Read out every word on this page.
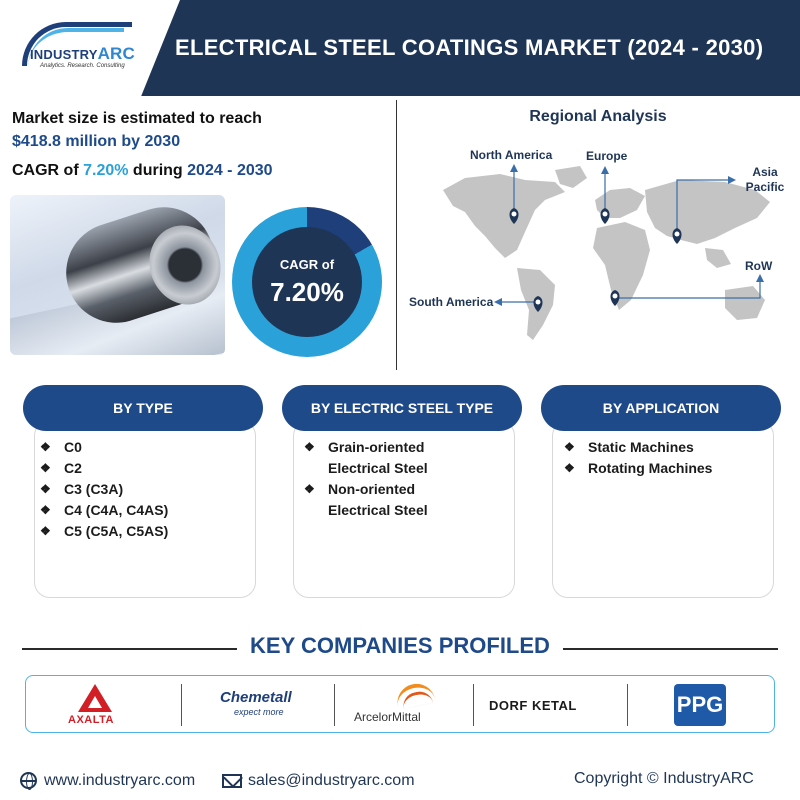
INDUSTRYARC
Analytics. Research. Consulting
ELECTRICAL STEEL COATINGS MARKET (2024 - 2030)
Market size is estimated to reach
$418.8 million by 2030
CAGR of 7.20% during 2024 - 2030
CAGR of
7.20%
Regional Analysis
North America	Europe
Asia Pacific
RoW
South America
BY TYPE	BY ELECTRIC STEEL TYPE	BY APPLICATION
❖ C0
❖ C2
❖ C3 (C3A)
❖ C4 (C4A, C4AS)
❖ C5 (C5A, C5AS)
❖ Grain-oriented Electrical Steel
❖ Non-oriented Electrical Steel
❖ Static Machines
❖ Rotating Machines
KEY COMPANIES PROFILED
AXALTA
Chemetall
expect more	ArcelorMittal
DORF KETAL	PPG
www.industryarc.com	sales@industryarc.com	Copyright © IndustryARC
